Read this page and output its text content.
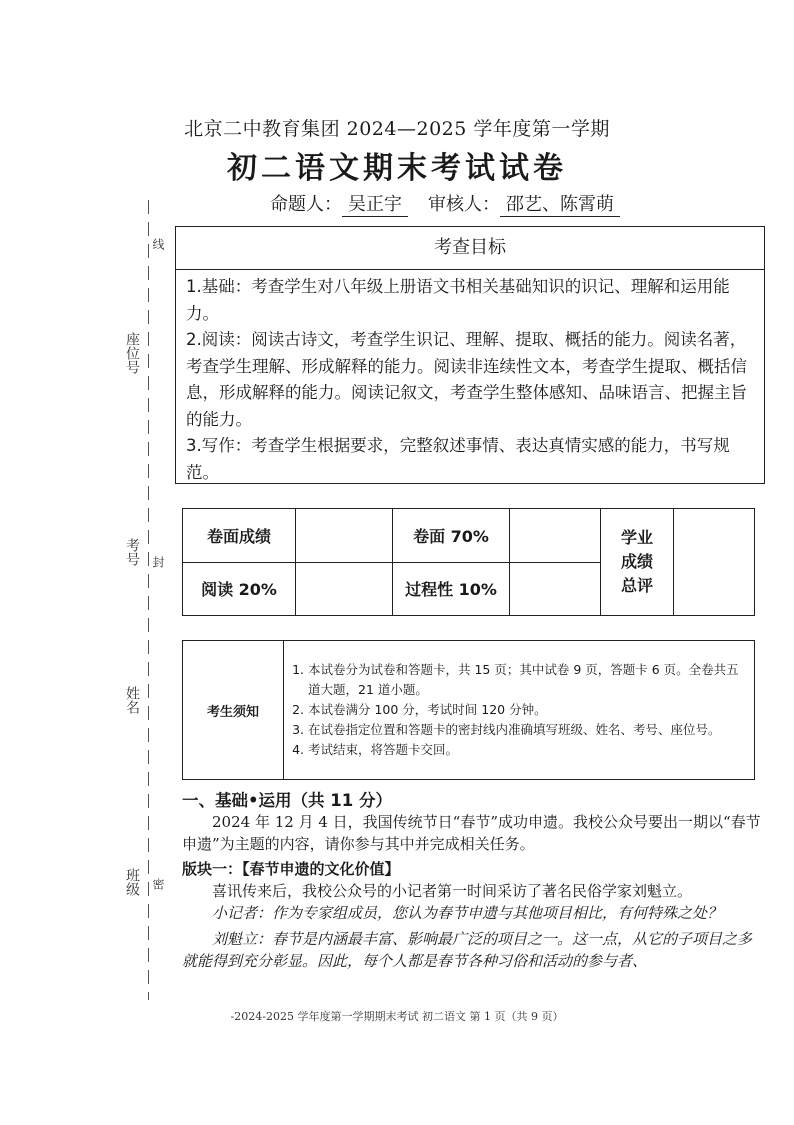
线
座位号
考号 封
姓名
班级 密
北京二中教育集团 2024—2025 学年度第一学期
初二语文期末考试试卷
命题人： 吴正宇 审核人： 邵艺、陈霄萌
考查目标

1.基础：考查学生对八年级上册语文书相关基础知识的识记、理解和运用能力。

2.阅读：阅读古诗文，考查学生识记、理解、提取、概括的能力。阅读名著，考查学生理解、形成解释的能力。阅读非连续性文本，考查学生提取、概括信息，形成解释的能力。阅读记叙文，考查学生整体感知、品味语言、把握主旨的能力。

3.写作：考查学生根据要求，完整叙述事情、表达真情实感的能力，书写规范。

卷面成绩		卷面 70%		学业成绩总评	
阅读 20%		过程性 10%			
考生须知	
1. 本试卷分为试卷和答题卡，共 15 页；其中试卷 9 页，答题卡 6 页。全卷共五道大题，21 道小题。
2. 本试卷满分 100 分，考试时间 120 分钟。
3. 在试卷指定位置和答题卡的密封线内准确填写班级、姓名、考号、座位号。
4. 考试结束，将答题卡交回。
一、基础•运用（共 11 分）

2024 年 12 月 4 日，我国传统节日“春节”成功申遗。我校公众号要出一期以“春节申遗”为主题的内容，请你参与其中并完成相关任务。

版块一：【春节申遗的文化价值】

喜讯传来后，我校公众号的小记者第一时间采访了著名民俗学家刘魁立。

小记者：作为专家组成员，您认为春节申遗与其他项目相比，有何特殊之处？

刘魁立：春节是内涵最丰富、影响最广泛的项目之一。这一点，从它的子项目之多就能得到充分彰显。因此，每个人都是春节各种习俗和活动的参与者、

-2024-2025 学年度第一学期期末考试 初二语文 第 1 页（共 9 页）
